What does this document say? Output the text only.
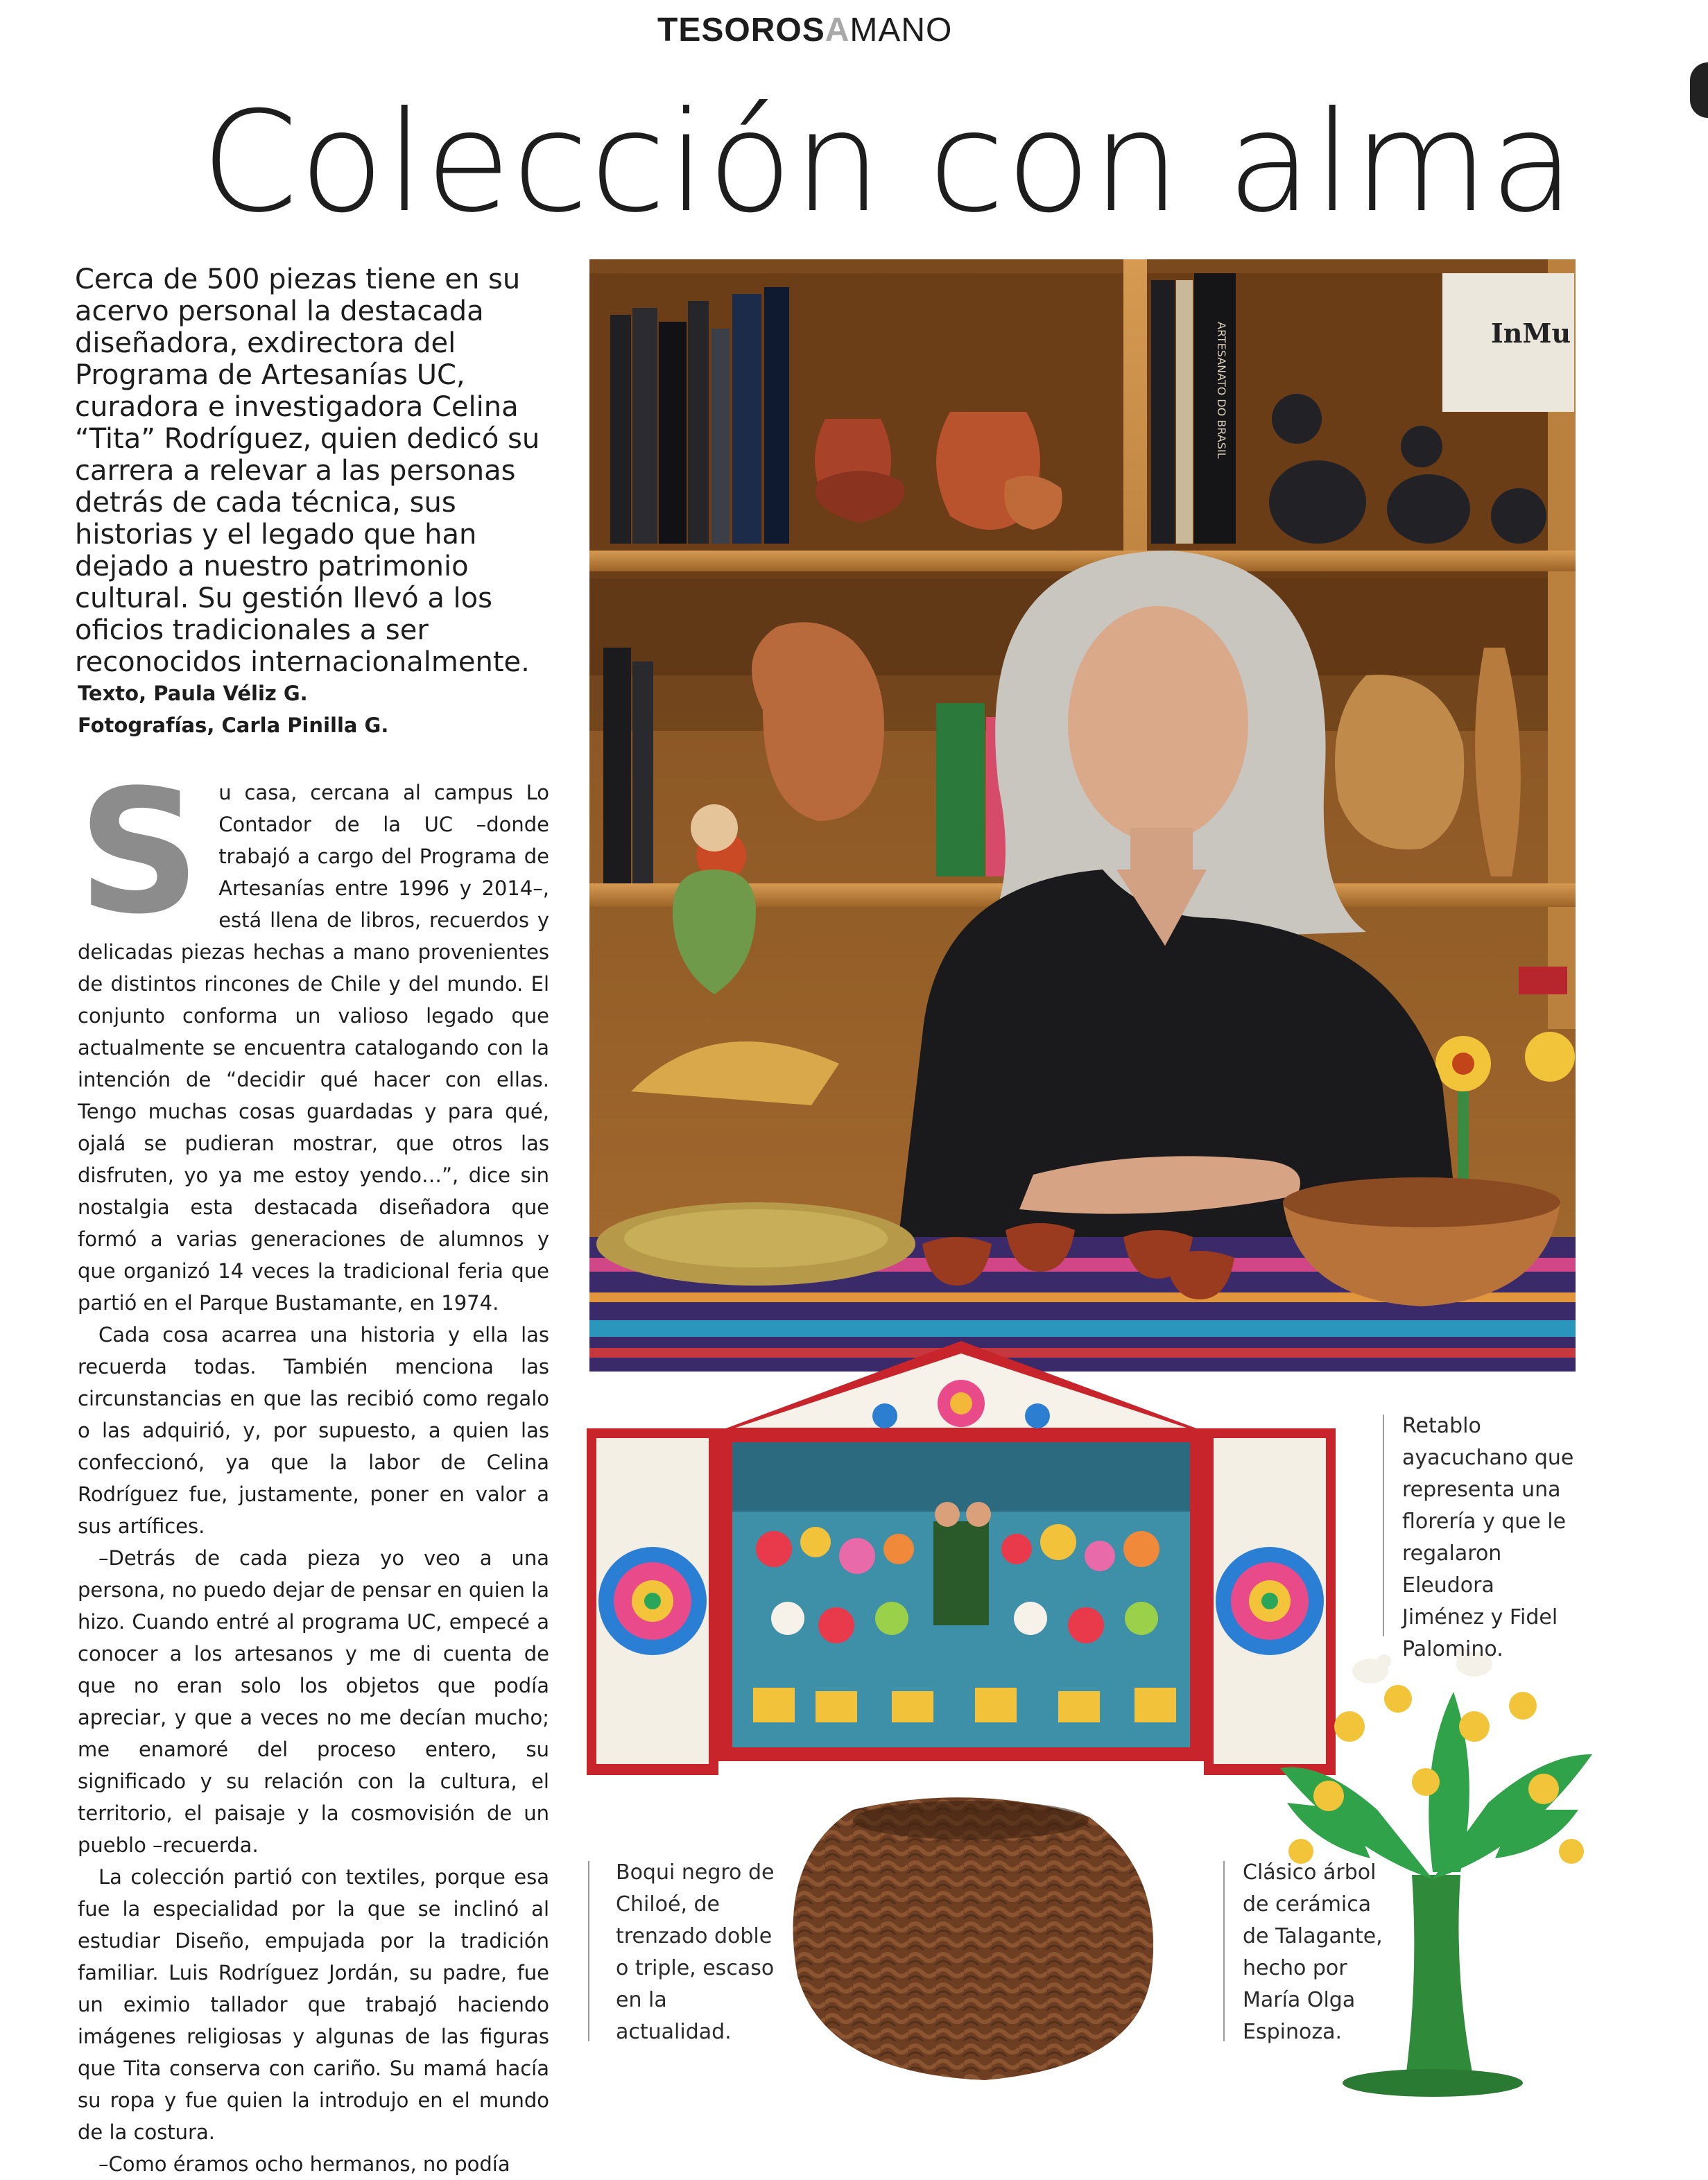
TESOROSAMANO
Colección con alma
Cerca de 500 piezas tiene en su acervo personal la destacada diseñadora, exdirectora del Programa de Artesanías UC, curadora e investigadora Celina “Tita” Rodríguez, quien dedicó su carrera a relevar a las personas detrás de cada técnica, sus historias y el legado que han dejado a nuestro patrimonio cultural. Su gestión llevó a los oficios tradicionales a ser reconocidos internacionalmente.
Texto, Paula Véliz G.
Fotografías, Carla Pinilla G.
S u casa, cercana al campus Lo Contador de la UC –donde trabajó a cargo del Programa de Artesanías entre 1996 y 2014–, está llena de libros, recuerdos y delicadas piezas hechas a mano provenientes de distintos rincones de Chile y del mundo. El conjunto conforma un valioso legado que actualmente se encuentra catalogando con la intención de “decidir qué hacer con ellas. Tengo muchas cosas guardadas y para qué, ojalá se pudieran mostrar, que otros las disfruten, yo ya me estoy yendo…”, dice sin nostalgia esta destacada diseñadora que formó a varias generaciones de alumnos y que organizó 14 veces la tradicional feria que partió en el Parque Bustamante, en 1974.

Cada cosa acarrea una historia y ella las recuerda todas. También menciona las circunstancias en que las recibió como regalo o las adquirió, y, por supuesto, a quien las confeccionó, ya que la labor de Celina Rodríguez fue, justamente, poner en valor a sus artífices.

–Detrás de cada pieza yo veo a una persona, no puedo dejar de pensar en quien la hizo. Cuando entré al programa UC, empecé a conocer a los artesanos y me di cuenta de que no eran solo los objetos que podía apreciar, y que a veces no me decían mucho; me enamoré del proceso entero, su significado y su relación con la cultura, el territorio, el paisaje y la cosmovisión de un pueblo –recuerda.

La colección partió con textiles, porque esa fue la especialidad por la que se inclinó al estudiar Diseño, empujada por la tradición familiar. Luis Rodríguez Jordán, su padre, fue un eximio tallador que trabajó haciendo imágenes religiosas y algunas de las figuras que Tita conserva con cariño. Su mamá hacía su ropa y fue quien la introdujo en el mundo de la costura.

–Como éramos ocho hermanos, no podía

ARTESANATO DO BRASIL	InMu
Retablo ayacuchano que representa una florería y que le regalaron Eleudora Jiménez y Fidel Palomino.
Boqui negro de Chiloé, de trenzado doble o triple, escaso en la actualidad.
Clásico árbol de cerámica de Talagante, hecho por María Olga Espinoza.
